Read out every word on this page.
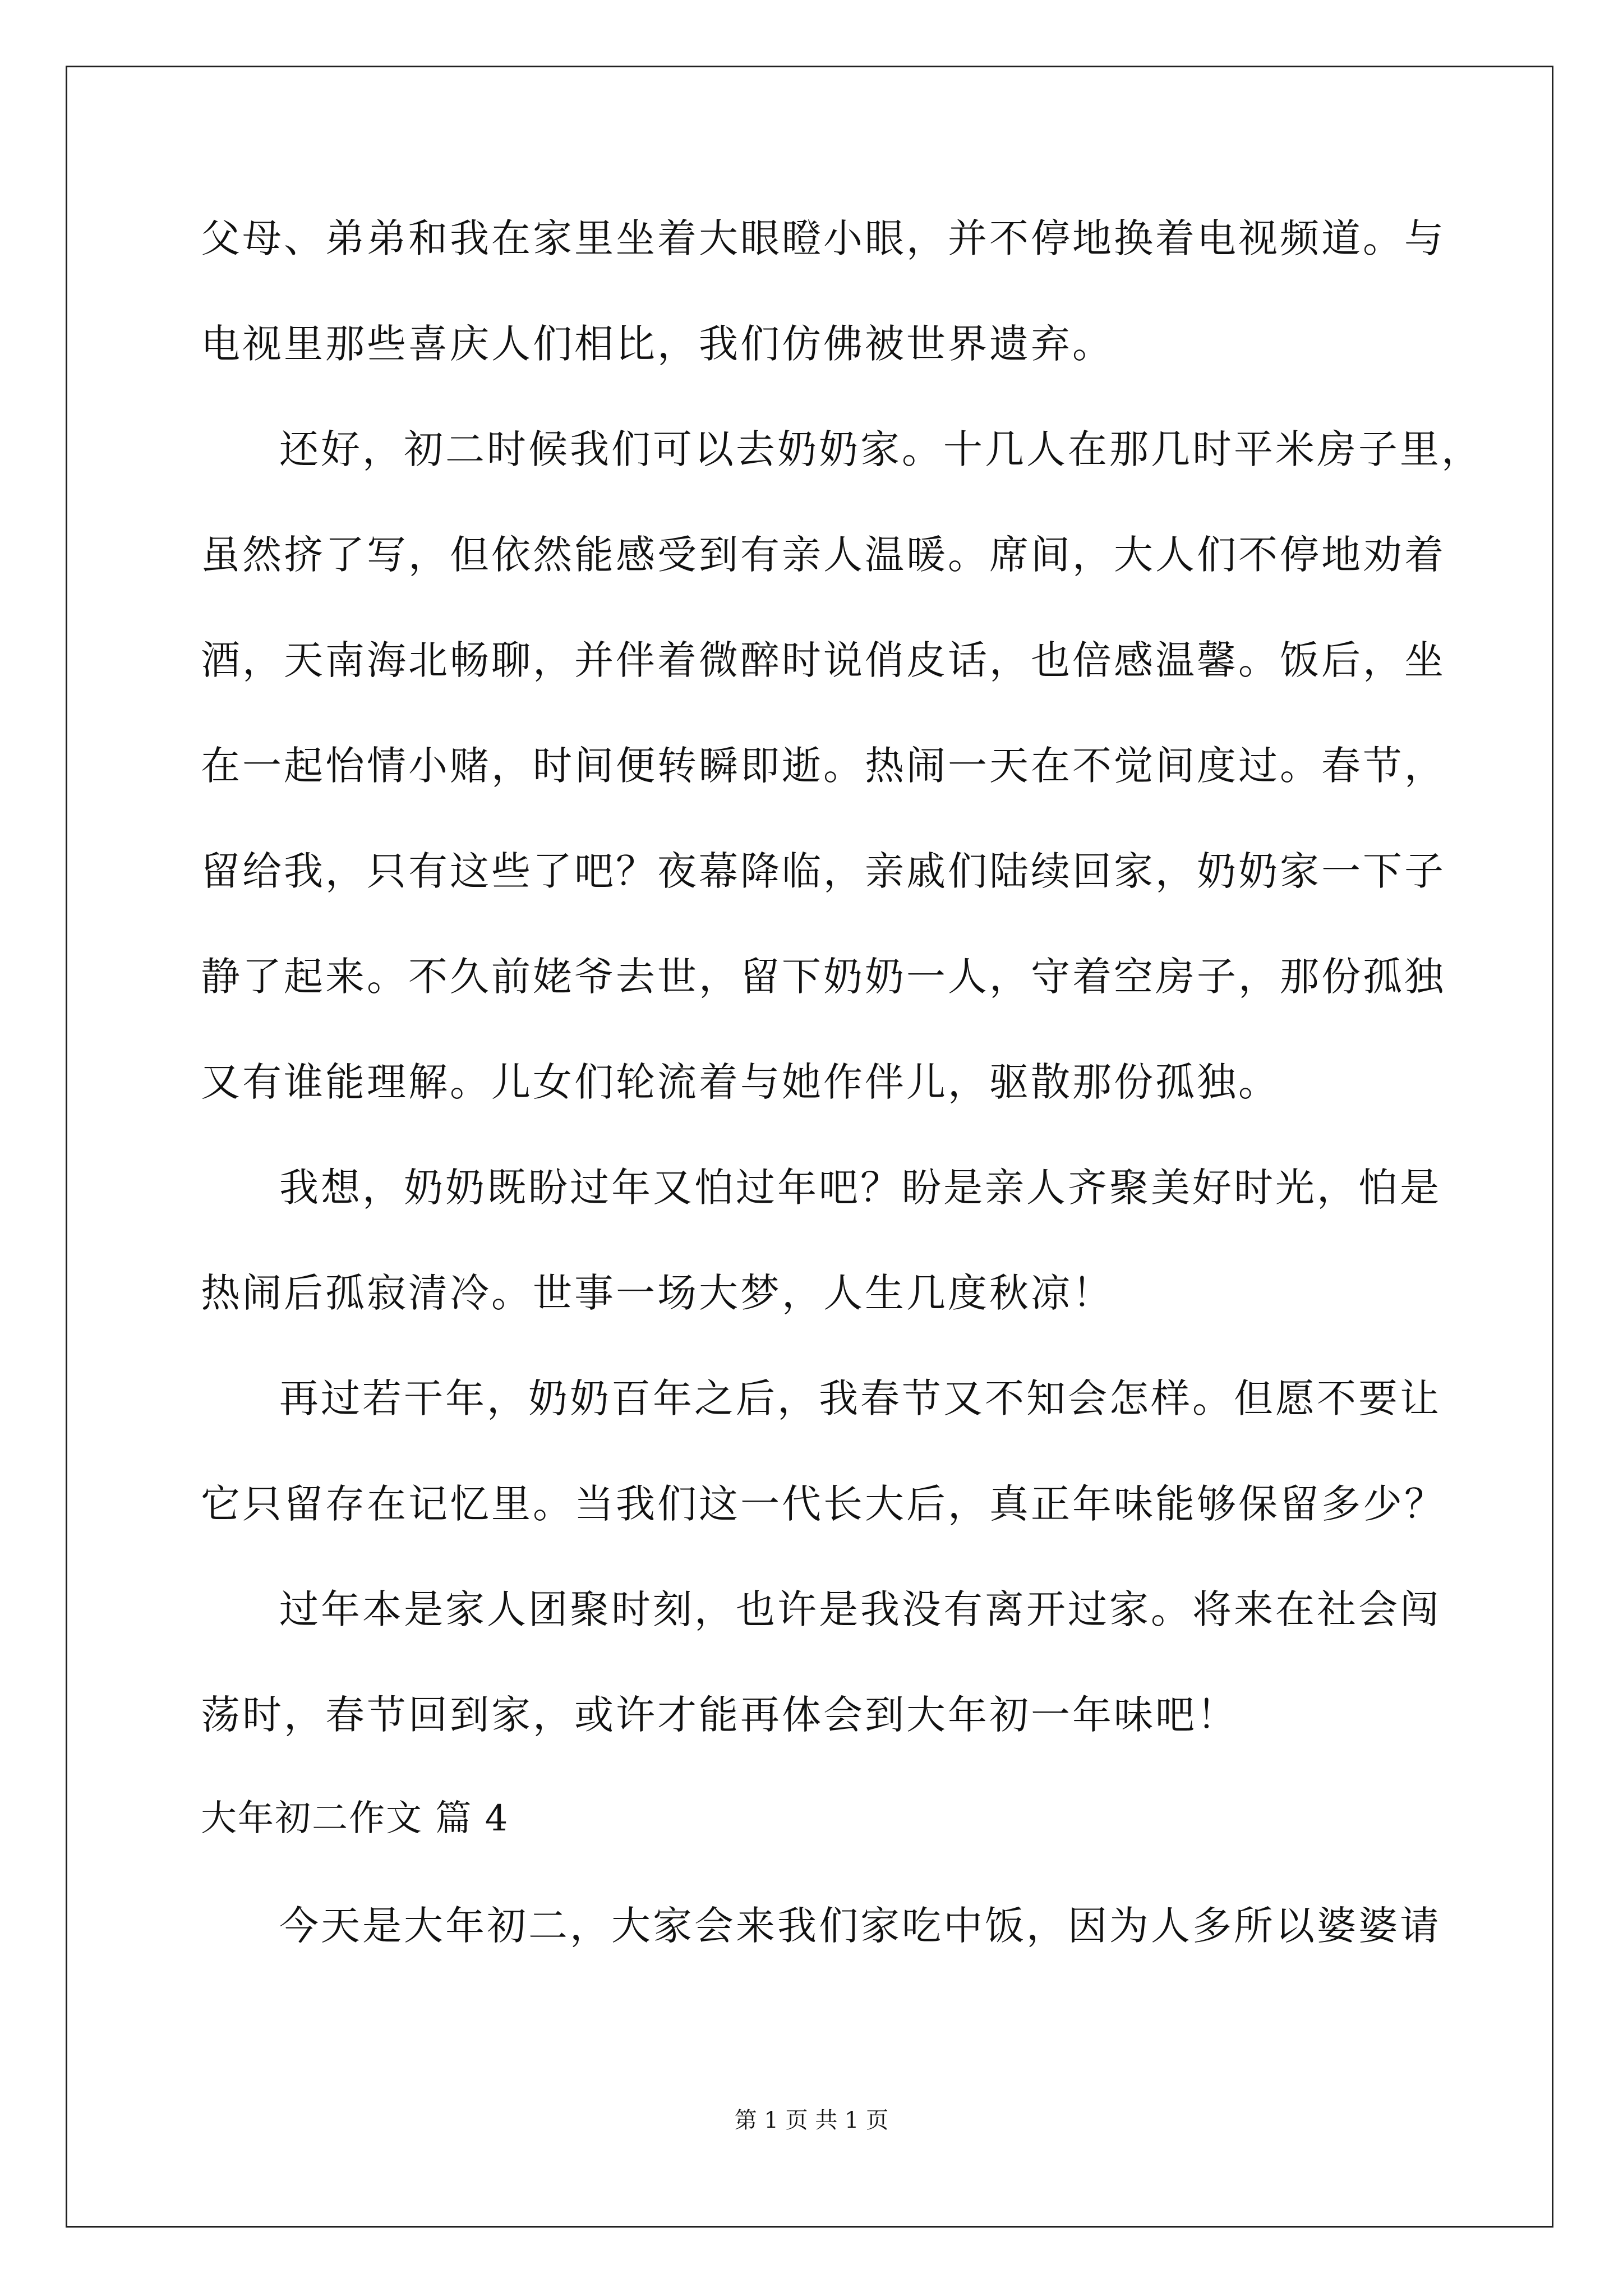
父母、弟弟和我在家里坐着大眼瞪小眼，并不停地换着电视频道。与
电视里那些喜庆人们相比，我们仿佛被世界遗弃。
还好，初二时候我们可以去奶奶家。十几人在那几时平米房子里，
虽然挤了写，但依然能感受到有亲人温暖。席间，大人们不停地劝着
酒，天南海北畅聊，并伴着微醉时说俏皮话，也倍感温馨。饭后，坐
在一起怡情小赌，时间便转瞬即逝。热闹一天在不觉间度过。春节，
留给我，只有这些了吧？夜幕降临，亲戚们陆续回家，奶奶家一下子
静了起来。不久前姥爷去世，留下奶奶一人，守着空房子，那份孤独
又有谁能理解。儿女们轮流着与她作伴儿，驱散那份孤独。
我想，奶奶既盼过年又怕过年吧？盼是亲人齐聚美好时光，怕是
热闹后孤寂清冷。世事一场大梦，人生几度秋凉！
再过若干年，奶奶百年之后，我春节又不知会怎样。但愿不要让
它只留存在记忆里。当我们这一代长大后，真正年味能够保留多少？
过年本是家人团聚时刻，也许是我没有离开过家。将来在社会闯
荡时，春节回到家，或许才能再体会到大年初一年味吧！
大年初二作文 篇 4
今天是大年初二，大家会来我们家吃中饭，因为人多所以婆婆请
第 1 页 共 1 页
